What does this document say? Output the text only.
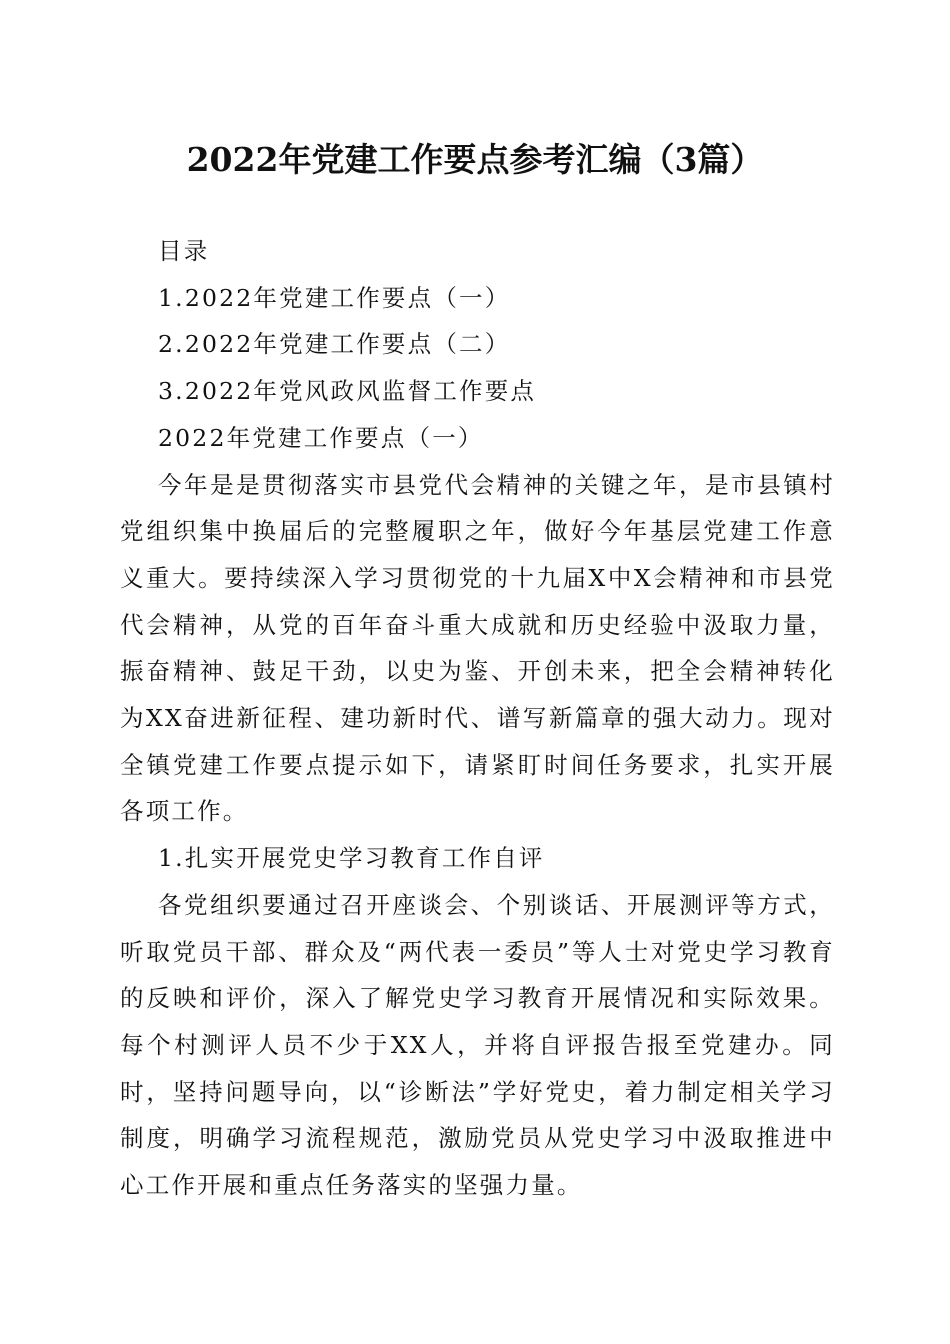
2022年党建工作要点参考汇编（3篇）

目录

1.2022年党建工作要点（一）

2.2022年党建工作要点（二）

3.2022年党风政风监督工作要点

2022年党建工作要点（一）

今年是是贯彻落实市县党代会精神的关键之年，是市县镇村党组织集中换届后的完整履职之年，做好今年基层党建工作意义重大。要持续深入学习贯彻党的十九届X中X会精神和市县党代会精神，从党的百年奋斗重大成就和历史经验中汲取力量，振奋精神、鼓足干劲，以史为鉴、开创未来，把全会精神转化为XX奋进新征程、建功新时代、谱写新篇章的强大动力。现对全镇党建工作要点提示如下，请紧盯时间任务要求，扎实开展各项工作。

1.扎实开展党史学习教育工作自评

各党组织要通过召开座谈会、个别谈话、开展测评等方式，听取党员干部、群众及“两代表一委员”等人士对党史学习教育的反映和评价，深入了解党史学习教育开展情况和实际效果。每个村测评人员不少于XX人，并将自评报告报至党建办。同时，坚持问题导向，以“诊断法”学好党史，着力制定相关学习制度，明确学习流程规范，激励党员从党史学习中汲取推进中心工作开展和重点任务落实的坚强力量。
